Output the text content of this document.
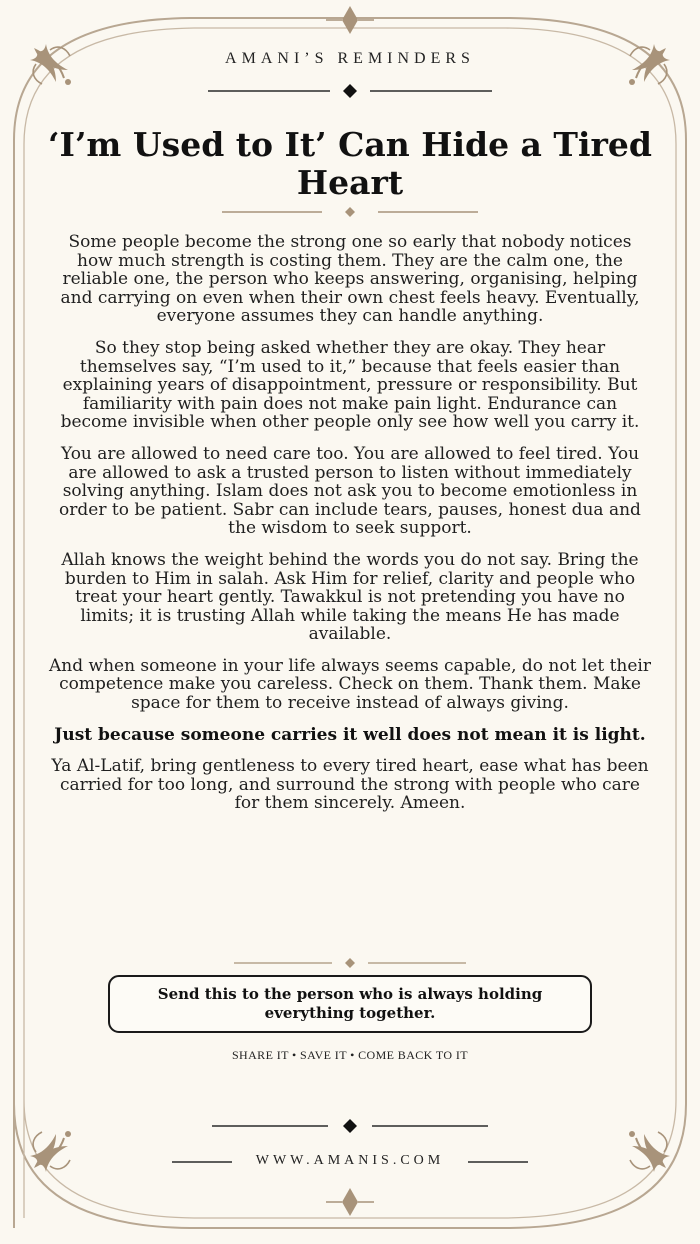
AMANI’S REMINDERS
‘I’m Used to It’ Can Hide a Tired Heart

Some people become the strong one so early that nobody notices how much strength is costing them. They are the calm one, the reliable one, the person who keeps answering, organising, helping and carrying on even when their own chest feels heavy. Eventually, everyone assumes they can handle anything.

So they stop being asked whether they are okay. They hear themselves say, “I’m used to it,” because that feels easier than explaining years of disappointment, pressure or responsibility. But familiarity with pain does not make pain light. Endurance can become invisible when other people only see how well you carry it.

You are allowed to need care too. You are allowed to feel tired. You are allowed to ask a trusted person to listen without immediately solving anything. Islam does not ask you to become emotionless in order to be patient. Sabr can include tears, pauses, honest dua and the wisdom to seek support.

Allah knows the weight behind the words you do not say. Bring the burden to Him in salah. Ask Him for relief, clarity and people who treat your heart gently. Tawakkul is not pretending you have no limits; it is trusting Allah while taking the means He has made available.

And when someone in your life always seems capable, do not let their competence make you careless. Check on them. Thank them. Make space for them to receive instead of always giving.

Just because someone carries it well does not mean it is light.

Ya Al-Latif, bring gentleness to every tired heart, ease what has been carried for too long, and surround the strong with people who care for them sincerely. Ameen.

Send this to the person who is always holding everything together.
SHARE IT • SAVE IT • COME BACK TO IT
WWW.AMANIS.COM
